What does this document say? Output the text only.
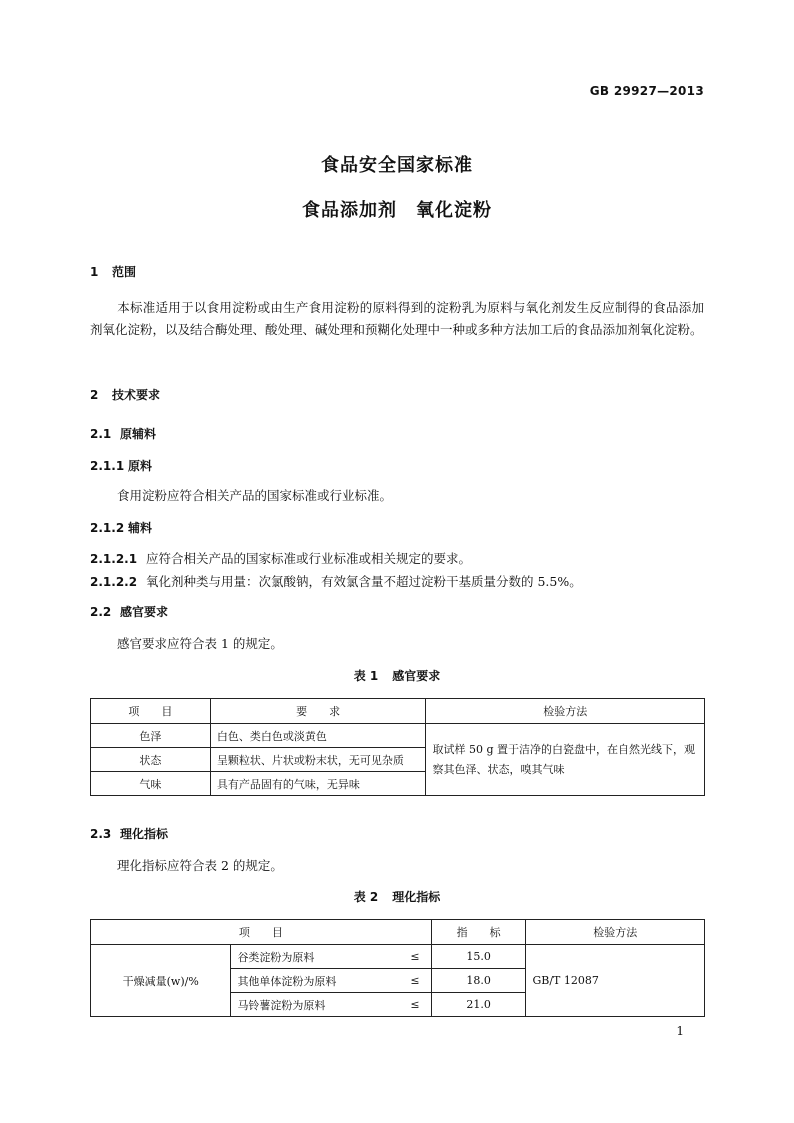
GB 29927—2013
食品安全国家标准
食品添加剂　氧化淀粉
1 范围
本标准适用于以食用淀粉或由生产食用淀粉的原料得到的淀粉乳为原料与氧化剂发生反应制得的食品添加剂氧化淀粉，以及结合酶处理、酸处理、碱处理和预糊化处理中一种或多种方法加工后的食品添加剂氧化淀粉。
2 技术要求
2.1 原辅料
2.1.1 原料
食用淀粉应符合相关产品的国家标准或行业标准。
2.1.2 辅料
2.1.2.1 应符合相关产品的国家标准或行业标准或相关规定的要求。
2.1.2.2 氧化剂种类与用量：次氯酸钠，有效氯含量不超过淀粉干基质量分数的 5.5%。
2.2 感官要求
感官要求应符合表 1 的规定。
表 1 感官要求
项　　目	要　　求	检验方法
色泽	白色、类白色或淡黄色	取试样 50 g 置于洁净的白瓷盘中，在自然光线下，观察其色泽、状态，嗅其气味
状态	呈颗粒状、片状或粉末状，无可见杂质	
气味	具有产品固有的气味，无异味	
2.3 理化指标
理化指标应符合表 2 的规定。
表 2 理化指标
项　　目			指　　标	检验方法
干燥减量(w)/%	谷类淀粉为原料	≤	15.0	GB/T 12087
	其他单体淀粉为原料	≤	18.0	
	马铃薯淀粉为原料	≤	21.0	
1
